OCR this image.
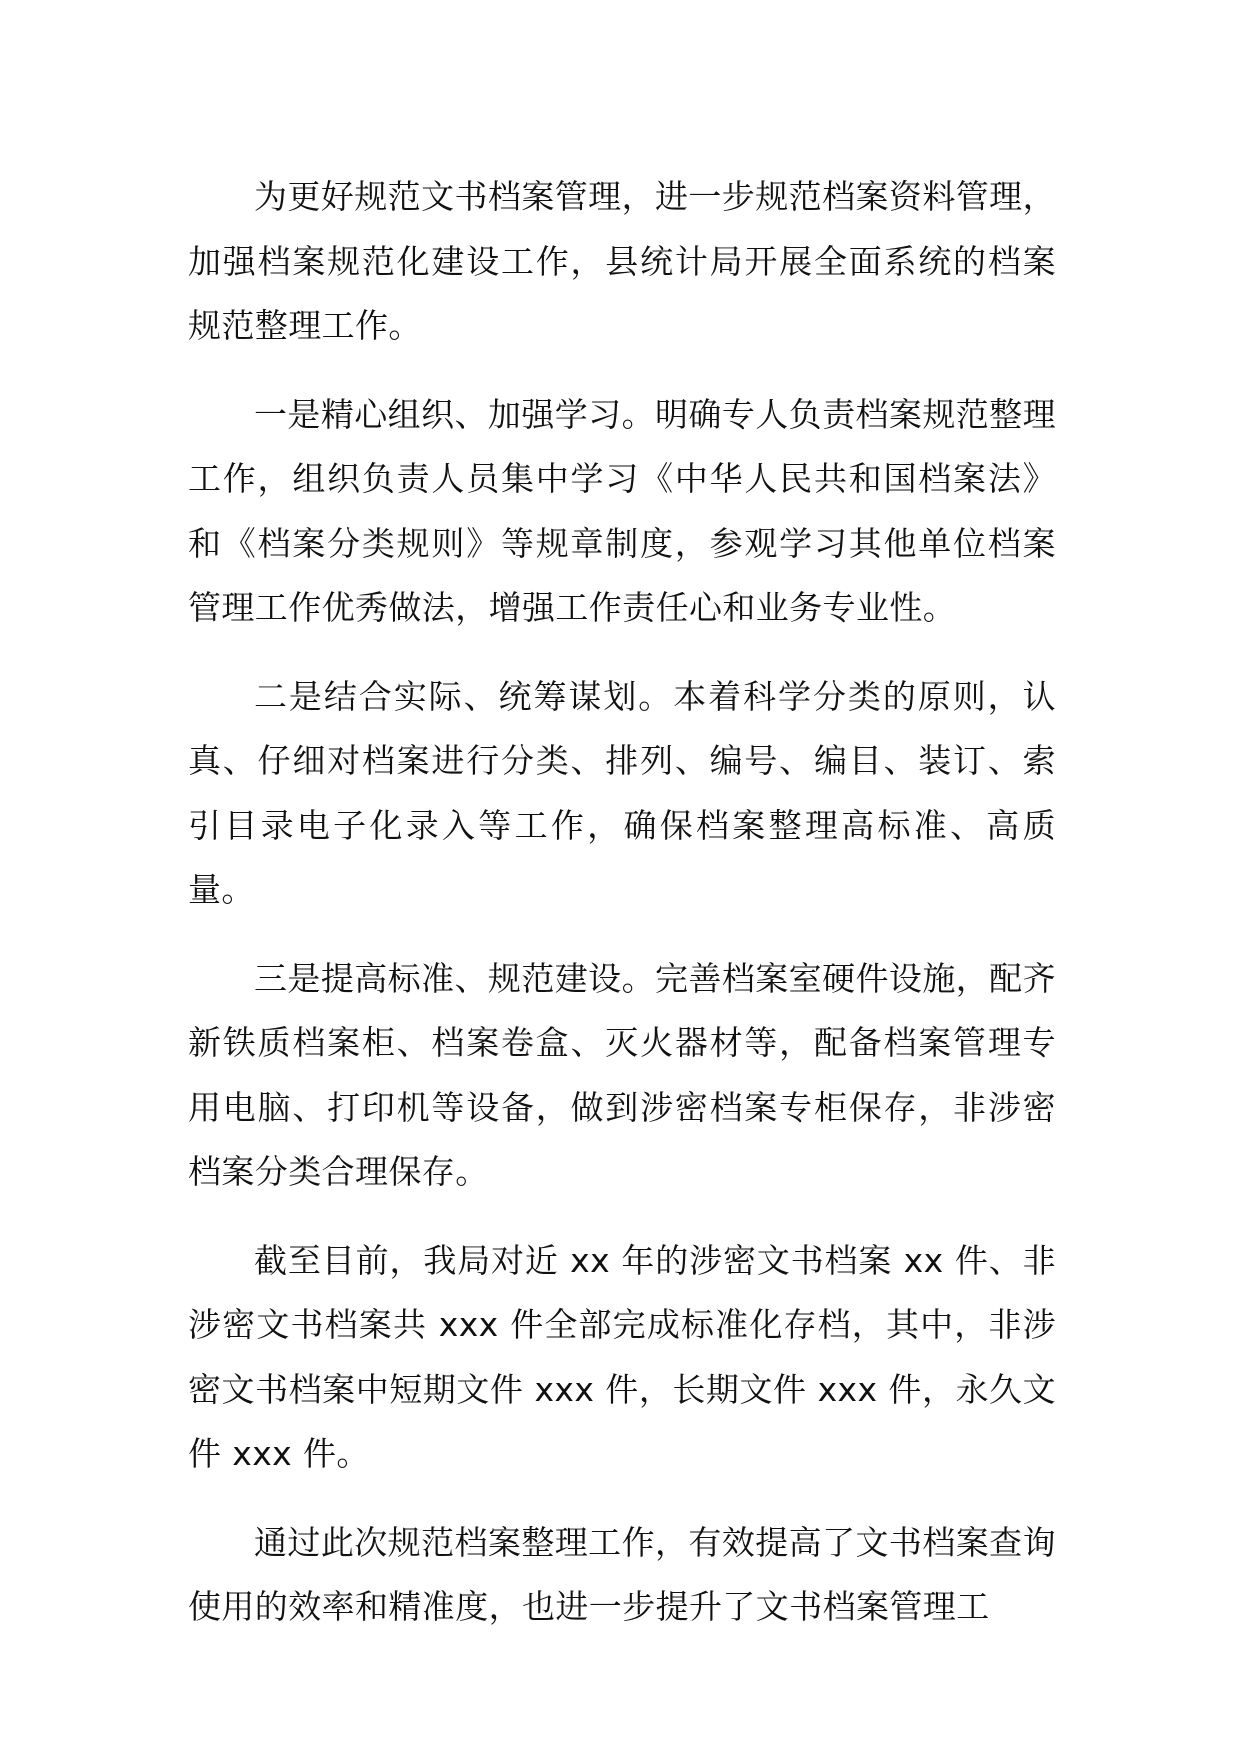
为更好规范文书档案管理，进一步规范档案资料管理，加强档案规范化建设工作，县统计局开展全面系统的档案规范整理工作。

一是精心组织、加强学习。明确专人负责档案规范整理工作，组织负责人员集中学习《中华人民共和国档案法》和《档案分类规则》等规章制度，参观学习其他单位档案管理工作优秀做法，增强工作责任心和业务专业性。

二是结合实际、统筹谋划。本着科学分类的原则，认真、仔细对档案进行分类、排列、编号、编目、装订、索引目录电子化录入等工作，确保档案整理高标准、高质量。

三是提高标准、规范建设。完善档案室硬件设施，配齐新铁质档案柜、档案卷盒、灭火器材等，配备档案管理专用电脑、打印机等设备，做到涉密档案专柜保存，非涉密档案分类合理保存。

截至目前，我局对近 xx 年的涉密文书档案 xx 件、非涉密文书档案共 xxx 件全部完成标准化存档，其中，非涉密文书档案中短期文件 xxx 件，长期文件 xxx 件，永久文件 xxx 件。

通过此次规范档案整理工作，有效提高了文书档案查询使用的效率和精准度，也进一步提升了文书档案管理工
